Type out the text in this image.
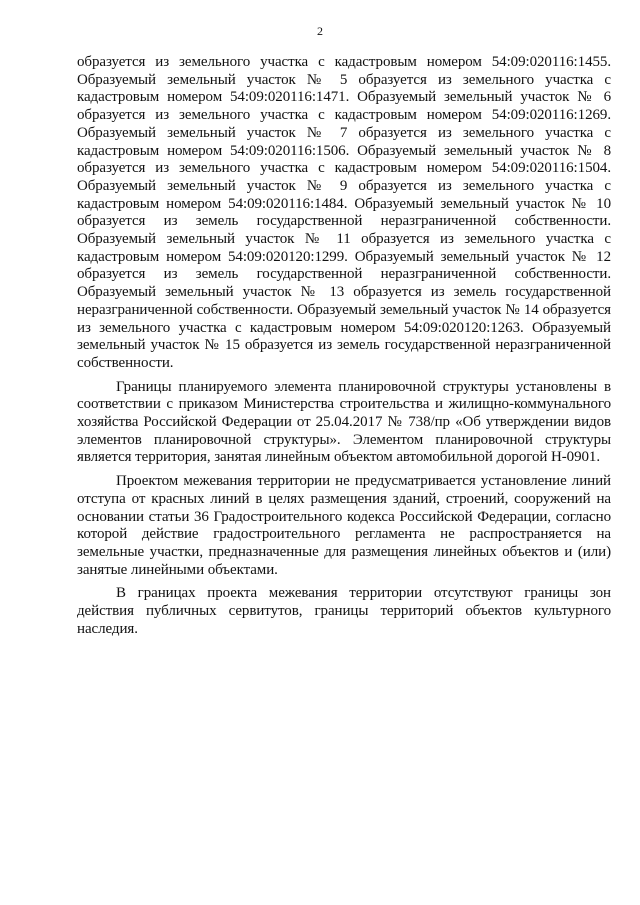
2

образуется из земельного участка с кадастровым номером 54:09:020116:1455. Образуемый земельный участок № 5 образуется из земельного участка с кадастровым номером 54:09:020116:1471. Образуемый земельный участок № 6 образуется из земельного участка с кадастровым номером 54:09:020116:1269. Образуемый земельный участок № 7 образуется из земельного участка с кадастровым номером 54:09:020116:1506. Образуемый земельный участок № 8 образуется из земельного участка с кадастровым номером 54:09:020116:1504. Образуемый земельный участок № 9 образуется из земельного участка с кадастровым номером 54:09:020116:1484. Образуемый земельный участок № 10 образуется из земель государственной неразграниченной собственности. Образуемый земельный участок № 11 образуется из земельного участка с кадастровым номером 54:09:020120:1299. Образуемый земельный участок № 12 образуется из земель государственной неразграниченной собственности. Образуемый земельный участок № 13 образуется из земель государственной неразграниченной собственности. Образуемый земельный участок № 14 образуется из земельного участка с кадастровым номером 54:09:020120:1263. Образуемый земельный участок № 15 образуется из земель государственной неразграниченной собственности.

Границы планируемого элемента планировочной структуры установлены в соответствии с приказом Министерства строительства и жилищно-коммунального хозяйства Российской Федерации от 25.04.2017 № 738/пр «Об утверждении видов элементов планировочной структуры». Элементом планировочной структуры является территория, занятая линейным объектом автомобильной дорогой Н-0901.

Проектом межевания территории не предусматривается установление линий отступа от красных линий в целях размещения зданий, строений, сооружений на основании статьи 36 Градостроительного кодекса Российской Федерации, согласно которой действие градостроительного регламента не распространяется на земельные участки, предназначенные для размещения линейных объектов и (или) занятые линейными объектами.

В границах проекта межевания территории отсутствуют границы зон действия публичных сервитутов, границы территорий объектов культурного наследия.
